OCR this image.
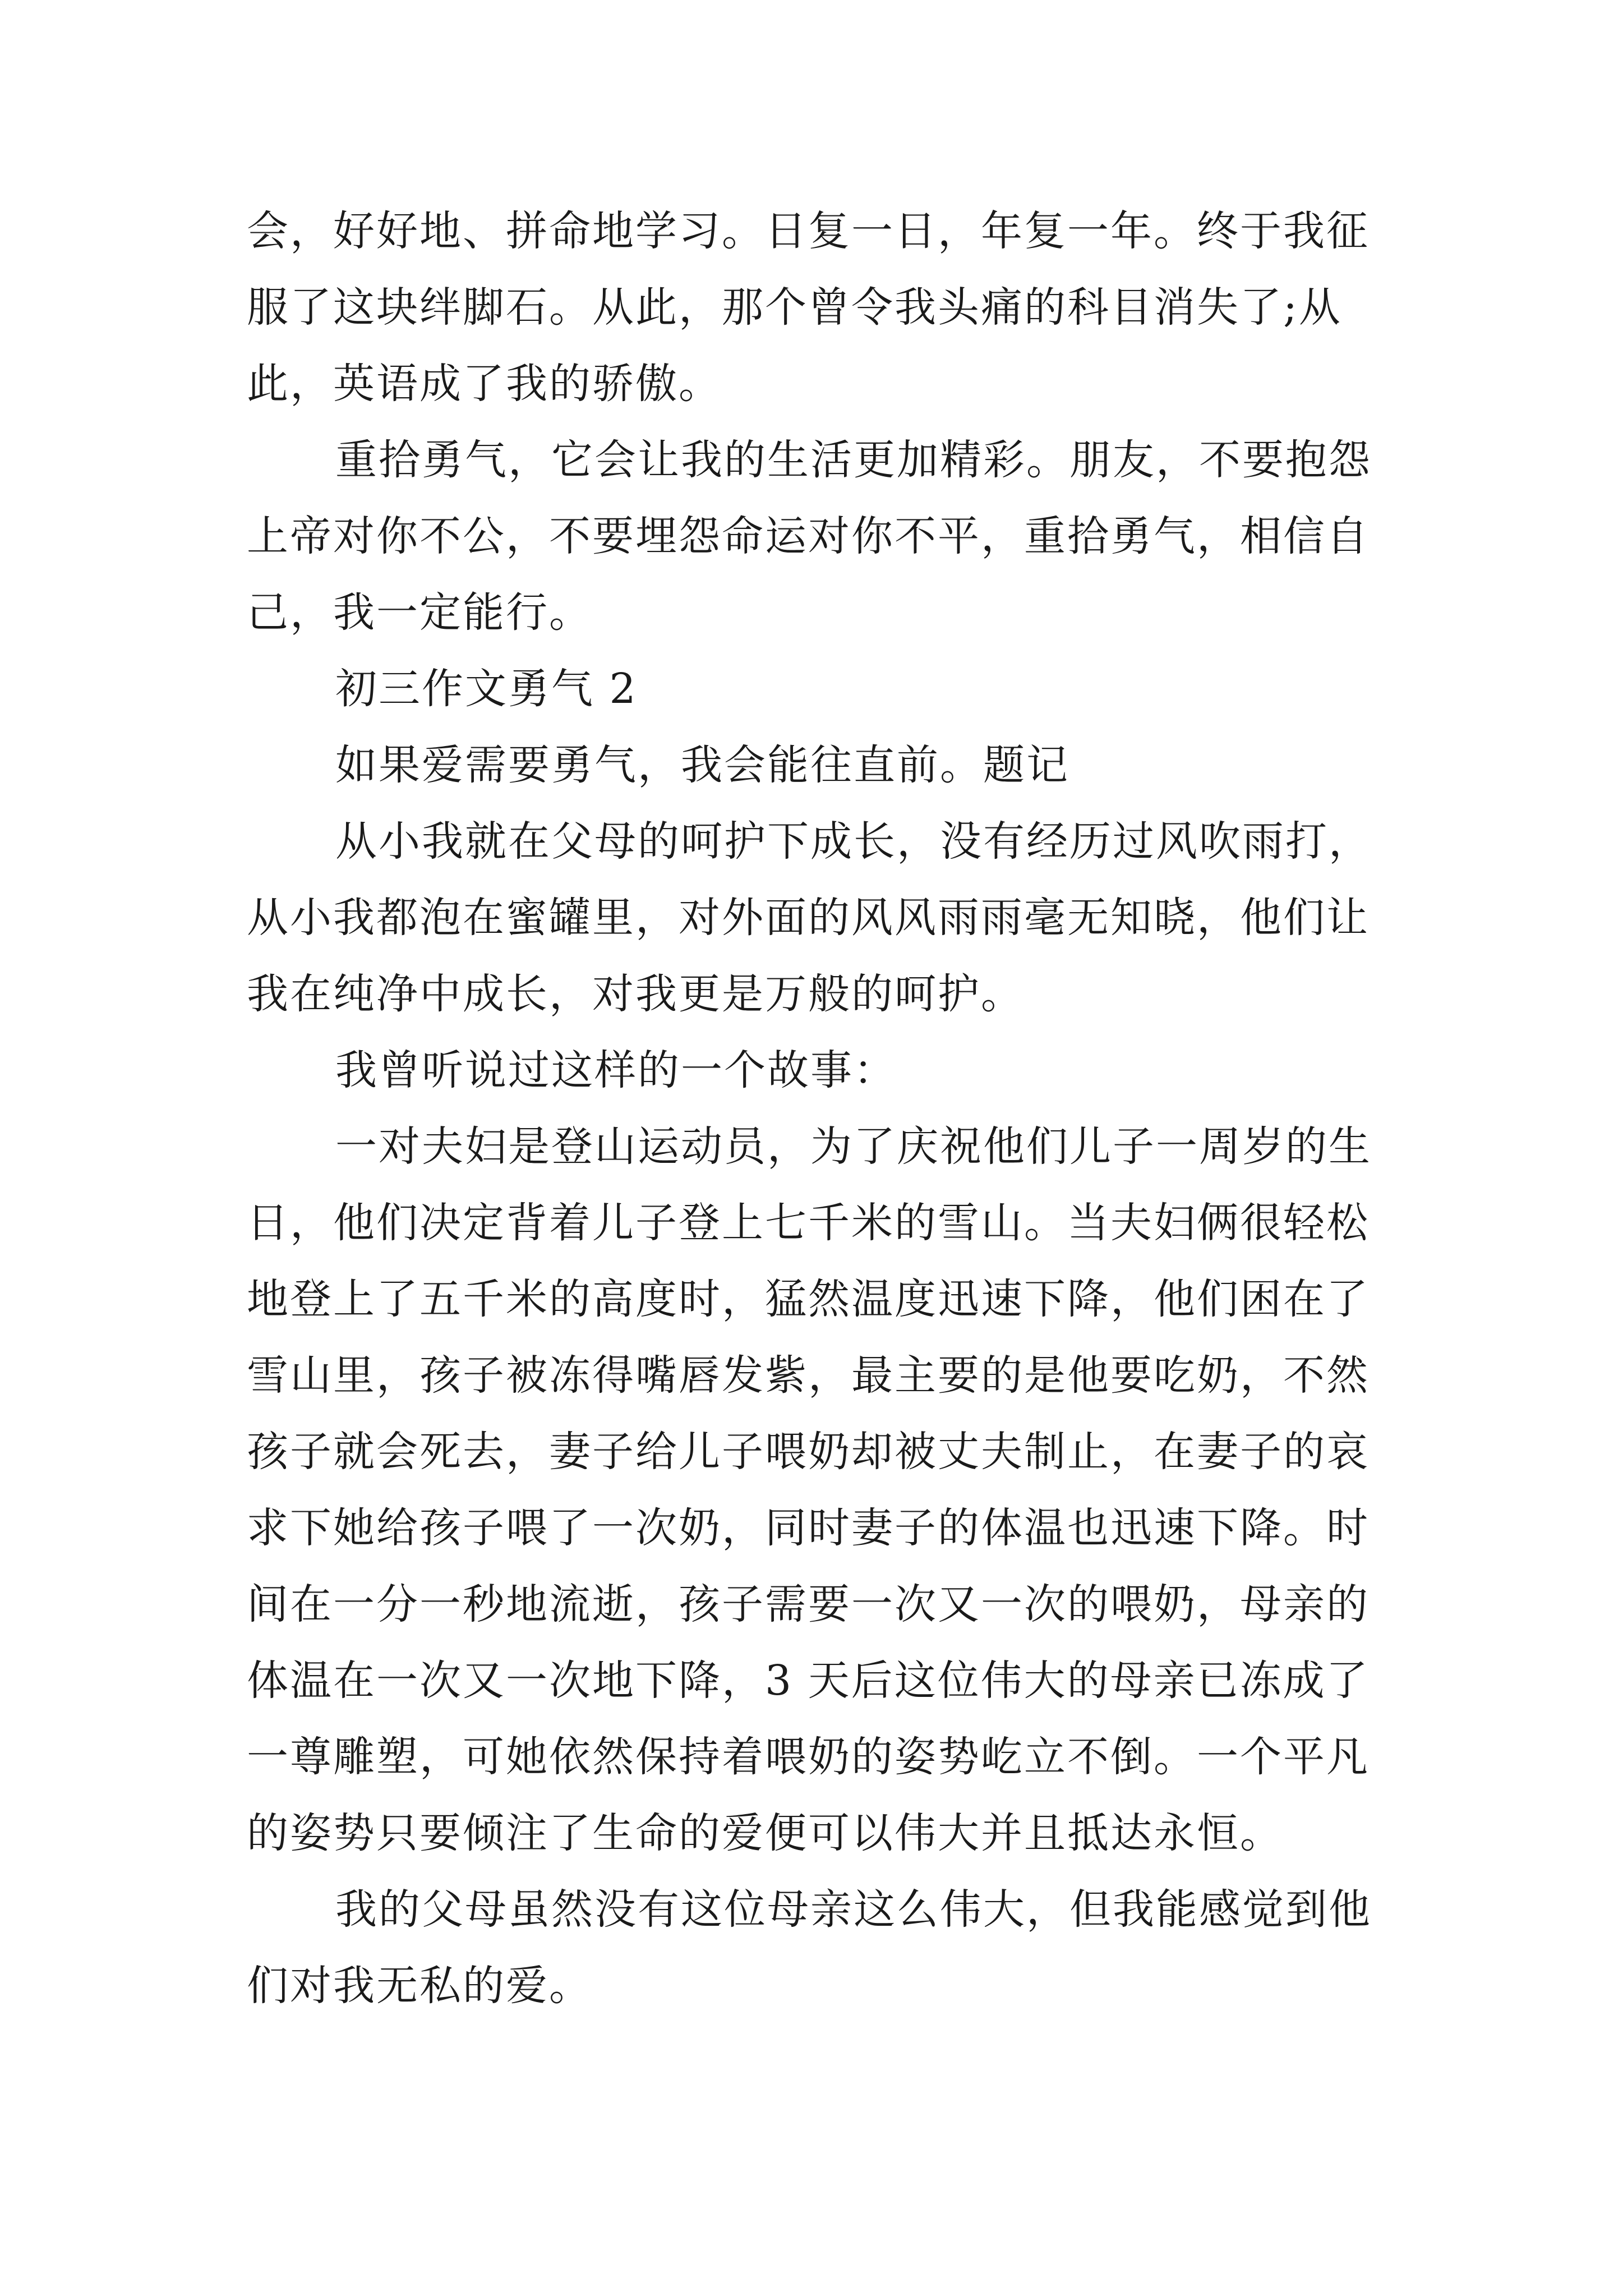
会，好好地、拼命地学习。日复一日，年复一年。终于我征
服了这块绊脚石。从此，那个曾令我头痛的科目消失了;从
此，英语成了我的骄傲。
重拾勇气，它会让我的生活更加精彩。朋友，不要抱怨
上帝对你不公，不要埋怨命运对你不平，重拾勇气，相信自
己，我一定能行。
初三作文勇气 2
如果爱需要勇气，我会能往直前。题记
从小我就在父母的呵护下成长，没有经历过风吹雨打，
从小我都泡在蜜罐里，对外面的风风雨雨毫无知晓，他们让
我在纯净中成长，对我更是万般的呵护。
我曾听说过这样的一个故事：
一对夫妇是登山运动员，为了庆祝他们儿子一周岁的生
日，他们决定背着儿子登上七千米的雪山。当夫妇俩很轻松
地登上了五千米的高度时，猛然温度迅速下降，他们困在了
雪山里，孩子被冻得嘴唇发紫，最主要的是他要吃奶，不然
孩子就会死去，妻子给儿子喂奶却被丈夫制止，在妻子的哀
求下她给孩子喂了一次奶，同时妻子的体温也迅速下降。时
间在一分一秒地流逝，孩子需要一次又一次的喂奶，母亲的
体温在一次又一次地下降，3 天后这位伟大的母亲已冻成了
一尊雕塑，可她依然保持着喂奶的姿势屹立不倒。一个平凡
的姿势只要倾注了生命的爱便可以伟大并且抵达永恒。
我的父母虽然没有这位母亲这么伟大，但我能感觉到他
们对我无私的爱。
